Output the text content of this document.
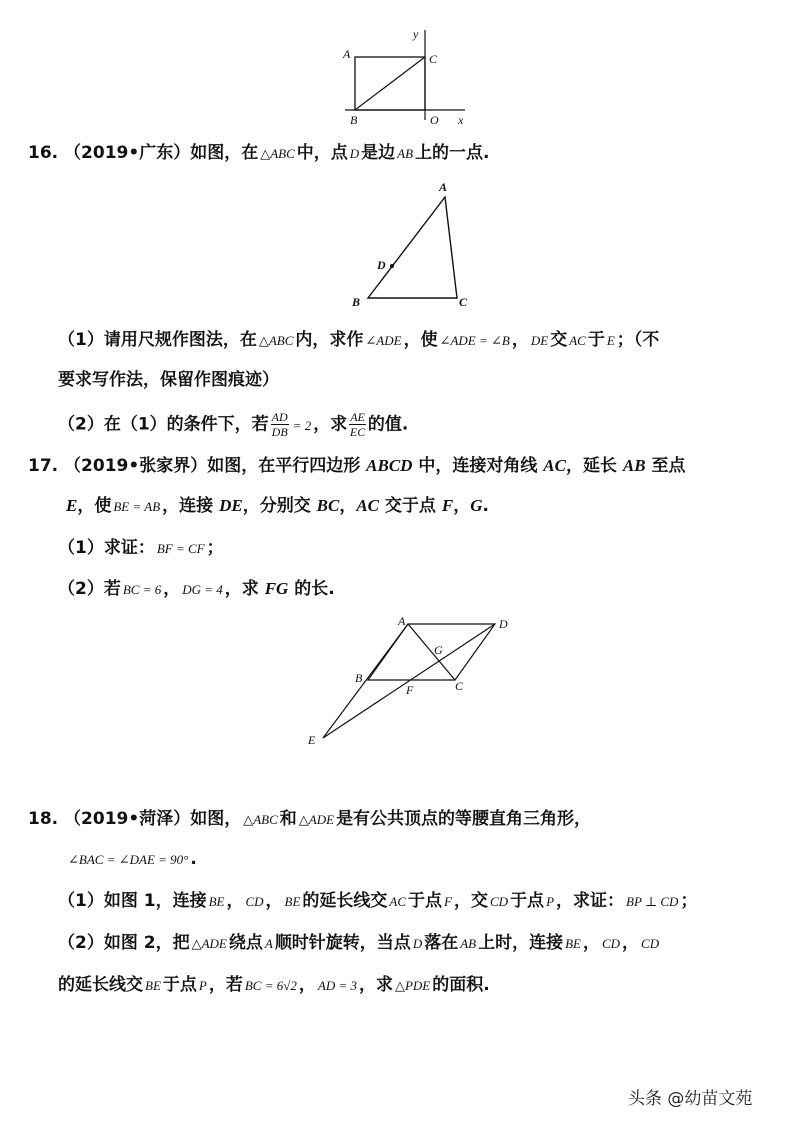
A	C
B	O x
y
A
D
B	C
A	D
B
C
E
F
G
16. （2019•广东）如图，在 △ABC 中，点 D 是边 AB 上的一点.
（1）请用尺规作图法，在 △ABC 内，求作 ∠ADE ，使 ∠ADE = ∠B ， DE 交 AC 于 E ；（不
要求写作法，保留作图痕迹）
（2）在（1）的条件下，若 $\frac{AD}{DB} = 2$ ，求 $\frac{AE}{EC}$ 的值.
17. （2019•张家界）如图，在平行四边形 ABCD 中，连接对角线 AC，延长 AB 至点
E，使 BE = AB ，连接 DE，分别交 BC，AC 交于点 F，G.
（1）求证： BF = CF ；
（2）若 BC = 6 ， DG = 4 ，求 FG 的长.
18. （2019•菏泽）如图， △ABC 和 △ADE 是有公共顶点的等腰直角三角形，
∠BAC = ∠DAE = 90° .
（1）如图 1，连接 BE ， CD ， BE 的延长线交 AC 于点 F ，交 CD 于点 P ，求证： BP ⊥ CD ；
（2）如图 2，把 △ADE 绕点 A 顺时针旋转，当点 D 落在 AB 上时，连接 BE ， CD ， CD
的延长线交 BE 于点 P ，若 BC = 6√2 ， AD = 3 ，求 △PDE 的面积.
头条 @幼苗文苑
